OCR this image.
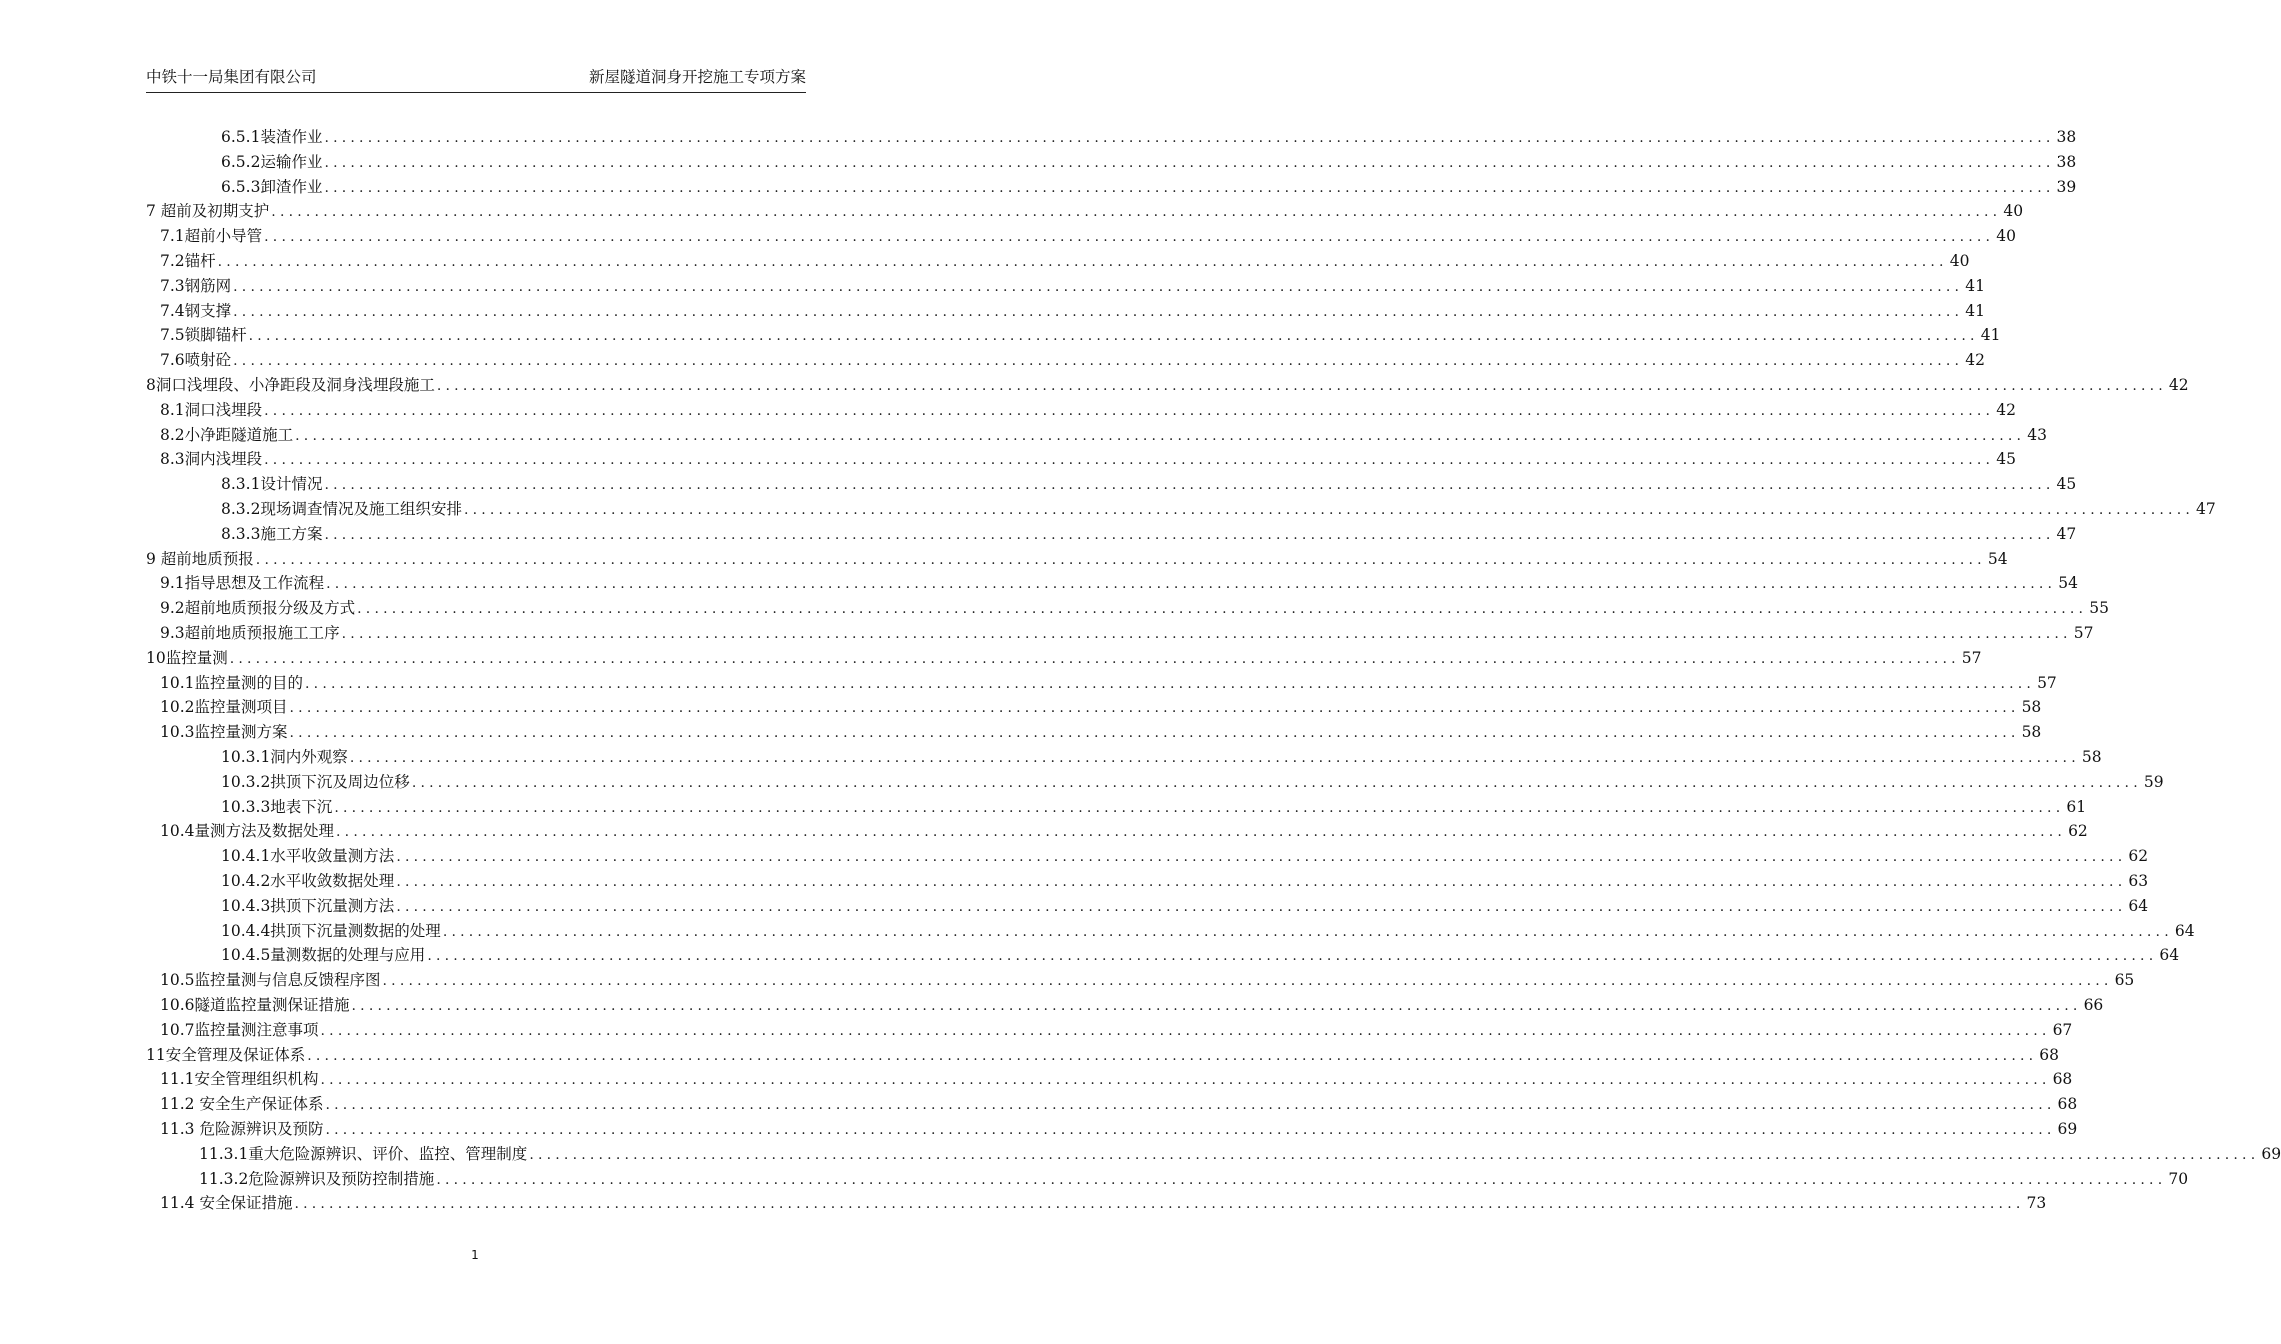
中铁十一局集团有限公司	新屋隧道洞身开挖施工专项方案
6.5.1装渣作业 ........................................................................................................................................................................................................ 38
6.5.2运输作业 ........................................................................................................................................................................................................ 38
6.5.3卸渣作业 ........................................................................................................................................................................................................ 39
7 超前及初期支护 ........................................................................................................................................................................................................ 40
7.1超前小导管 ........................................................................................................................................................................................................ 40
7.2锚杆 ........................................................................................................................................................................................................ 40
7.3钢筋网 ........................................................................................................................................................................................................ 41
7.4钢支撑 ........................................................................................................................................................................................................ 41
7.5锁脚锚杆 ........................................................................................................................................................................................................ 41
7.6喷射砼 ........................................................................................................................................................................................................ 42
8洞口浅埋段、小净距段及洞身浅埋段施工 ........................................................................................................................................................................................................ 42
8.1洞口浅埋段 ........................................................................................................................................................................................................ 42
8.2小净距隧道施工 ........................................................................................................................................................................................................ 43
8.3洞内浅埋段 ........................................................................................................................................................................................................ 45
8.3.1设计情况 ........................................................................................................................................................................................................ 45
8.3.2现场调查情况及施工组织安排 ........................................................................................................................................................................................................ 47
8.3.3施工方案 ........................................................................................................................................................................................................ 47
9 超前地质预报 ........................................................................................................................................................................................................ 54
9.1指导思想及工作流程 ........................................................................................................................................................................................................ 54
9.2超前地质预报分级及方式 ........................................................................................................................................................................................................ 55
9.3超前地质预报施工工序 ........................................................................................................................................................................................................ 57
10监控量测 ........................................................................................................................................................................................................ 57
10.1监控量测的目的 ........................................................................................................................................................................................................ 57
10.2监控量测项目 ........................................................................................................................................................................................................ 58
10.3监控量测方案 ........................................................................................................................................................................................................ 58
10.3.1洞内外观察 ........................................................................................................................................................................................................ 58
10.3.2拱顶下沉及周边位移 ........................................................................................................................................................................................................ 59
10.3.3地表下沉 ........................................................................................................................................................................................................ 61
10.4量测方法及数据处理 ........................................................................................................................................................................................................ 62
10.4.1水平收敛量测方法 ........................................................................................................................................................................................................ 62
10.4.2水平收敛数据处理 ........................................................................................................................................................................................................ 63
10.4.3拱顶下沉量测方法 ........................................................................................................................................................................................................ 64
10.4.4拱顶下沉量测数据的处理 ........................................................................................................................................................................................................ 64
10.4.5量测数据的处理与应用 ........................................................................................................................................................................................................ 64
10.5监控量测与信息反馈程序图 ........................................................................................................................................................................................................ 65
10.6隧道监控量测保证措施 ........................................................................................................................................................................................................ 66
10.7监控量测注意事项 ........................................................................................................................................................................................................ 67
11安全管理及保证体系 ........................................................................................................................................................................................................ 68
11.1安全管理组织机构 ........................................................................................................................................................................................................ 68
11.2 安全生产保证体系 ........................................................................................................................................................................................................ 68
11.3 危险源辨识及预防 ........................................................................................................................................................................................................ 69
11.3.1重大危险源辨识、评价、监控、管理制度 ........................................................................................................................................................................................................ 69
11.3.2危险源辨识及预防控制措施 ........................................................................................................................................................................................................ 70
11.4 安全保证措施 ........................................................................................................................................................................................................ 73
1
